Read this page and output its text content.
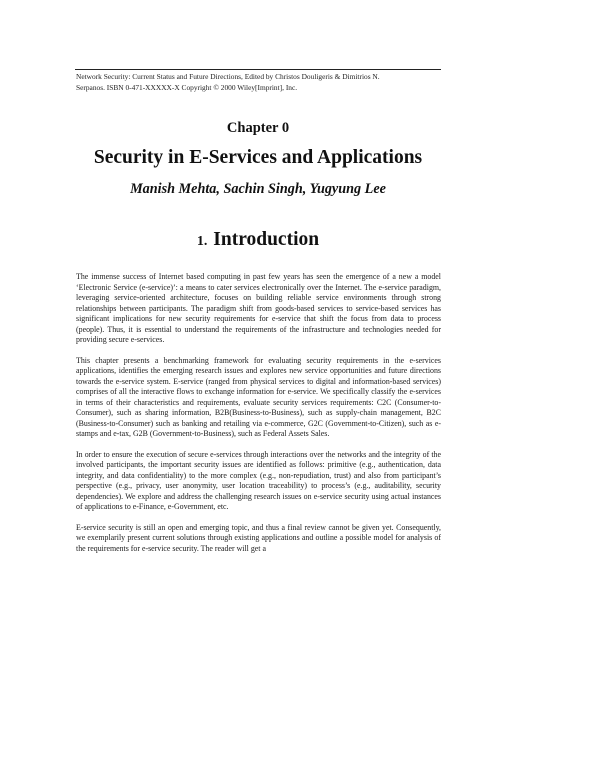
Network Security: Current Status and Future Directions, Edited by Christos Douligeris & Dimitrios N.
Serpanos. ISBN 0-471-XXXXX-X Copyright © 2000 Wiley[Imprint], Inc.
Chapter 0
Security in E-Services and Applications
Manish Mehta, Sachin Singh, Yugyung Lee
1. Introduction

The immense success of Internet based computing in past few years has seen the emergence of a new a model ‘Electronic Service (e-service)’: a means to cater services electronically over the Internet. The e-service paradigm, leveraging service-oriented architecture, focuses on building reliable service environments through strong relationships between participants. The paradigm shift from goods-based services to service-based services has significant implications for new security requirements for e-service that shift the focus from data to process (people). Thus, it is essential to understand the requirements of the infrastructure and technologies needed for providing secure e-services.

This chapter presents a benchmarking framework for evaluating security requirements in the e-services applications, identifies the emerging research issues and explores new service opportunities and future directions towards the e-service system. E-service (ranged from physical services to digital and information-based services) comprises of all the interactive flows to exchange information for e-service. We specifically classify the e-services in terms of their characteristics and requirements, evaluate security services requirements: C2C (Consumer-to-Consumer), such as sharing information, B2B(Business-to-Business), such as supply-chain management, B2C (Business-to-Consumer) such as banking and retailing via e-commerce, G2C (Government-to-Citizen), such as e-stamps and e-tax, G2B (Government-to-Business), such as Federal Assets Sales.

In order to ensure the execution of secure e-services through interactions over the networks and the integrity of the involved participants, the important security issues are identified as follows: primitive (e.g., authentication, data integrity, and data confidentiality) to the more complex (e.g., non-repudiation, trust) and also from participant’s perspective (e.g., privacy, user anonymity, user location traceability) to process’s (e.g., auditability, security dependencies). We explore and address the challenging research issues on e-service security using actual instances of applications to e-Finance, e-Government, etc.

E-service security is still an open and emerging topic, and thus a final review cannot be given yet. Consequently, we exemplarily present current solutions through existing applications and outline a possible model for analysis of the requirements for e-service security. The reader will get a
